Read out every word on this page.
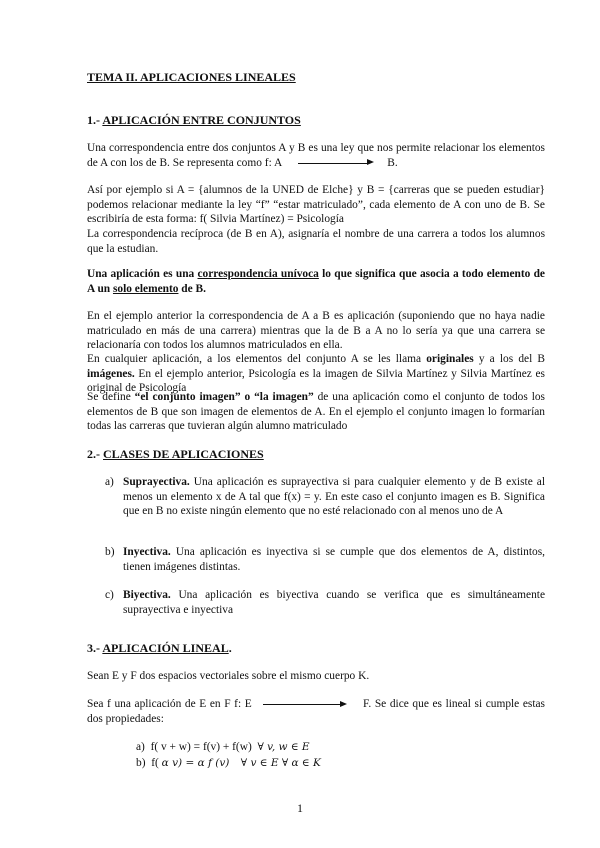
TEMA II. APLICACIONES LINEALES
1.- APLICACIÓN ENTRE CONJUNTOS

Una correspondencia entre dos conjuntos A y B es una ley que nos permite relacionar los elementos de A con los de B. Se representa como f: A	B.

Así por ejemplo si A = {alumnos de la UNED de Elche} y B = {carreras que se pueden estudiar} podemos relacionar mediante la ley “f” “estar matriculado”, cada elemento de A con uno de B. Se escribiría de esta forma: f( Silvia Martínez) = Psicología

La correspondencia recíproca (de B en A), asignaría el nombre de una carrera a todos los alumnos que la estudian.

Una aplicación es una correspondencia unívoca lo que significa que asocia a todo elemento de A un solo elemento de B.

En el ejemplo anterior la correspondencia de A a B es aplicación (suponiendo que no haya nadie matriculado en más de una carrera) mientras que la de B a A no lo sería ya que una carrera se relacionaría con todos los alumnos matriculados en ella.

En cualquier aplicación, a los elementos del conjunto A se les llama originales y a los del B imágenes. En el ejemplo anterior, Psicología es la imagen de Silvia Martínez y Silvia Martínez es original de Psicología

Se define “el conjunto imagen” o “la imagen” de una aplicación como el conjunto de todos los elementos de B que son imagen de elementos de A. En el ejemplo el conjunto imagen lo formarían todas las carreras que tuvieran algún alumno matriculado

2.- CLASES DE APLICACIONES
a) Suprayectiva. Una aplicación es suprayectiva si para cualquier elemento y de B existe al menos un elemento x de A tal que f(x) = y. En este caso el conjunto imagen es B. Significa que en B no existe ningún elemento que no esté relacionado con al menos uno de A
b) Inyectiva. Una aplicación es inyectiva si se cumple que dos elementos de A, distintos, tienen imágenes distintas.
c) Biyectiva. Una aplicación es biyectiva cuando se verifica que es simultáneamente suprayectiva e inyectiva
3.- APLICACIÓN LINEAL.

Sean E y F dos espacios vectoriales sobre el mismo cuerpo K.

Sea f una aplicación de E en F f: E	F. Se dice que es lineal si cumple estas dos propiedades:

a) f( v + w) = f(v) + f(w) ∀ v, w ∈ E
b) f( α v) = α f (v) ∀ v ∈ E ∀ α ∈ K
1
